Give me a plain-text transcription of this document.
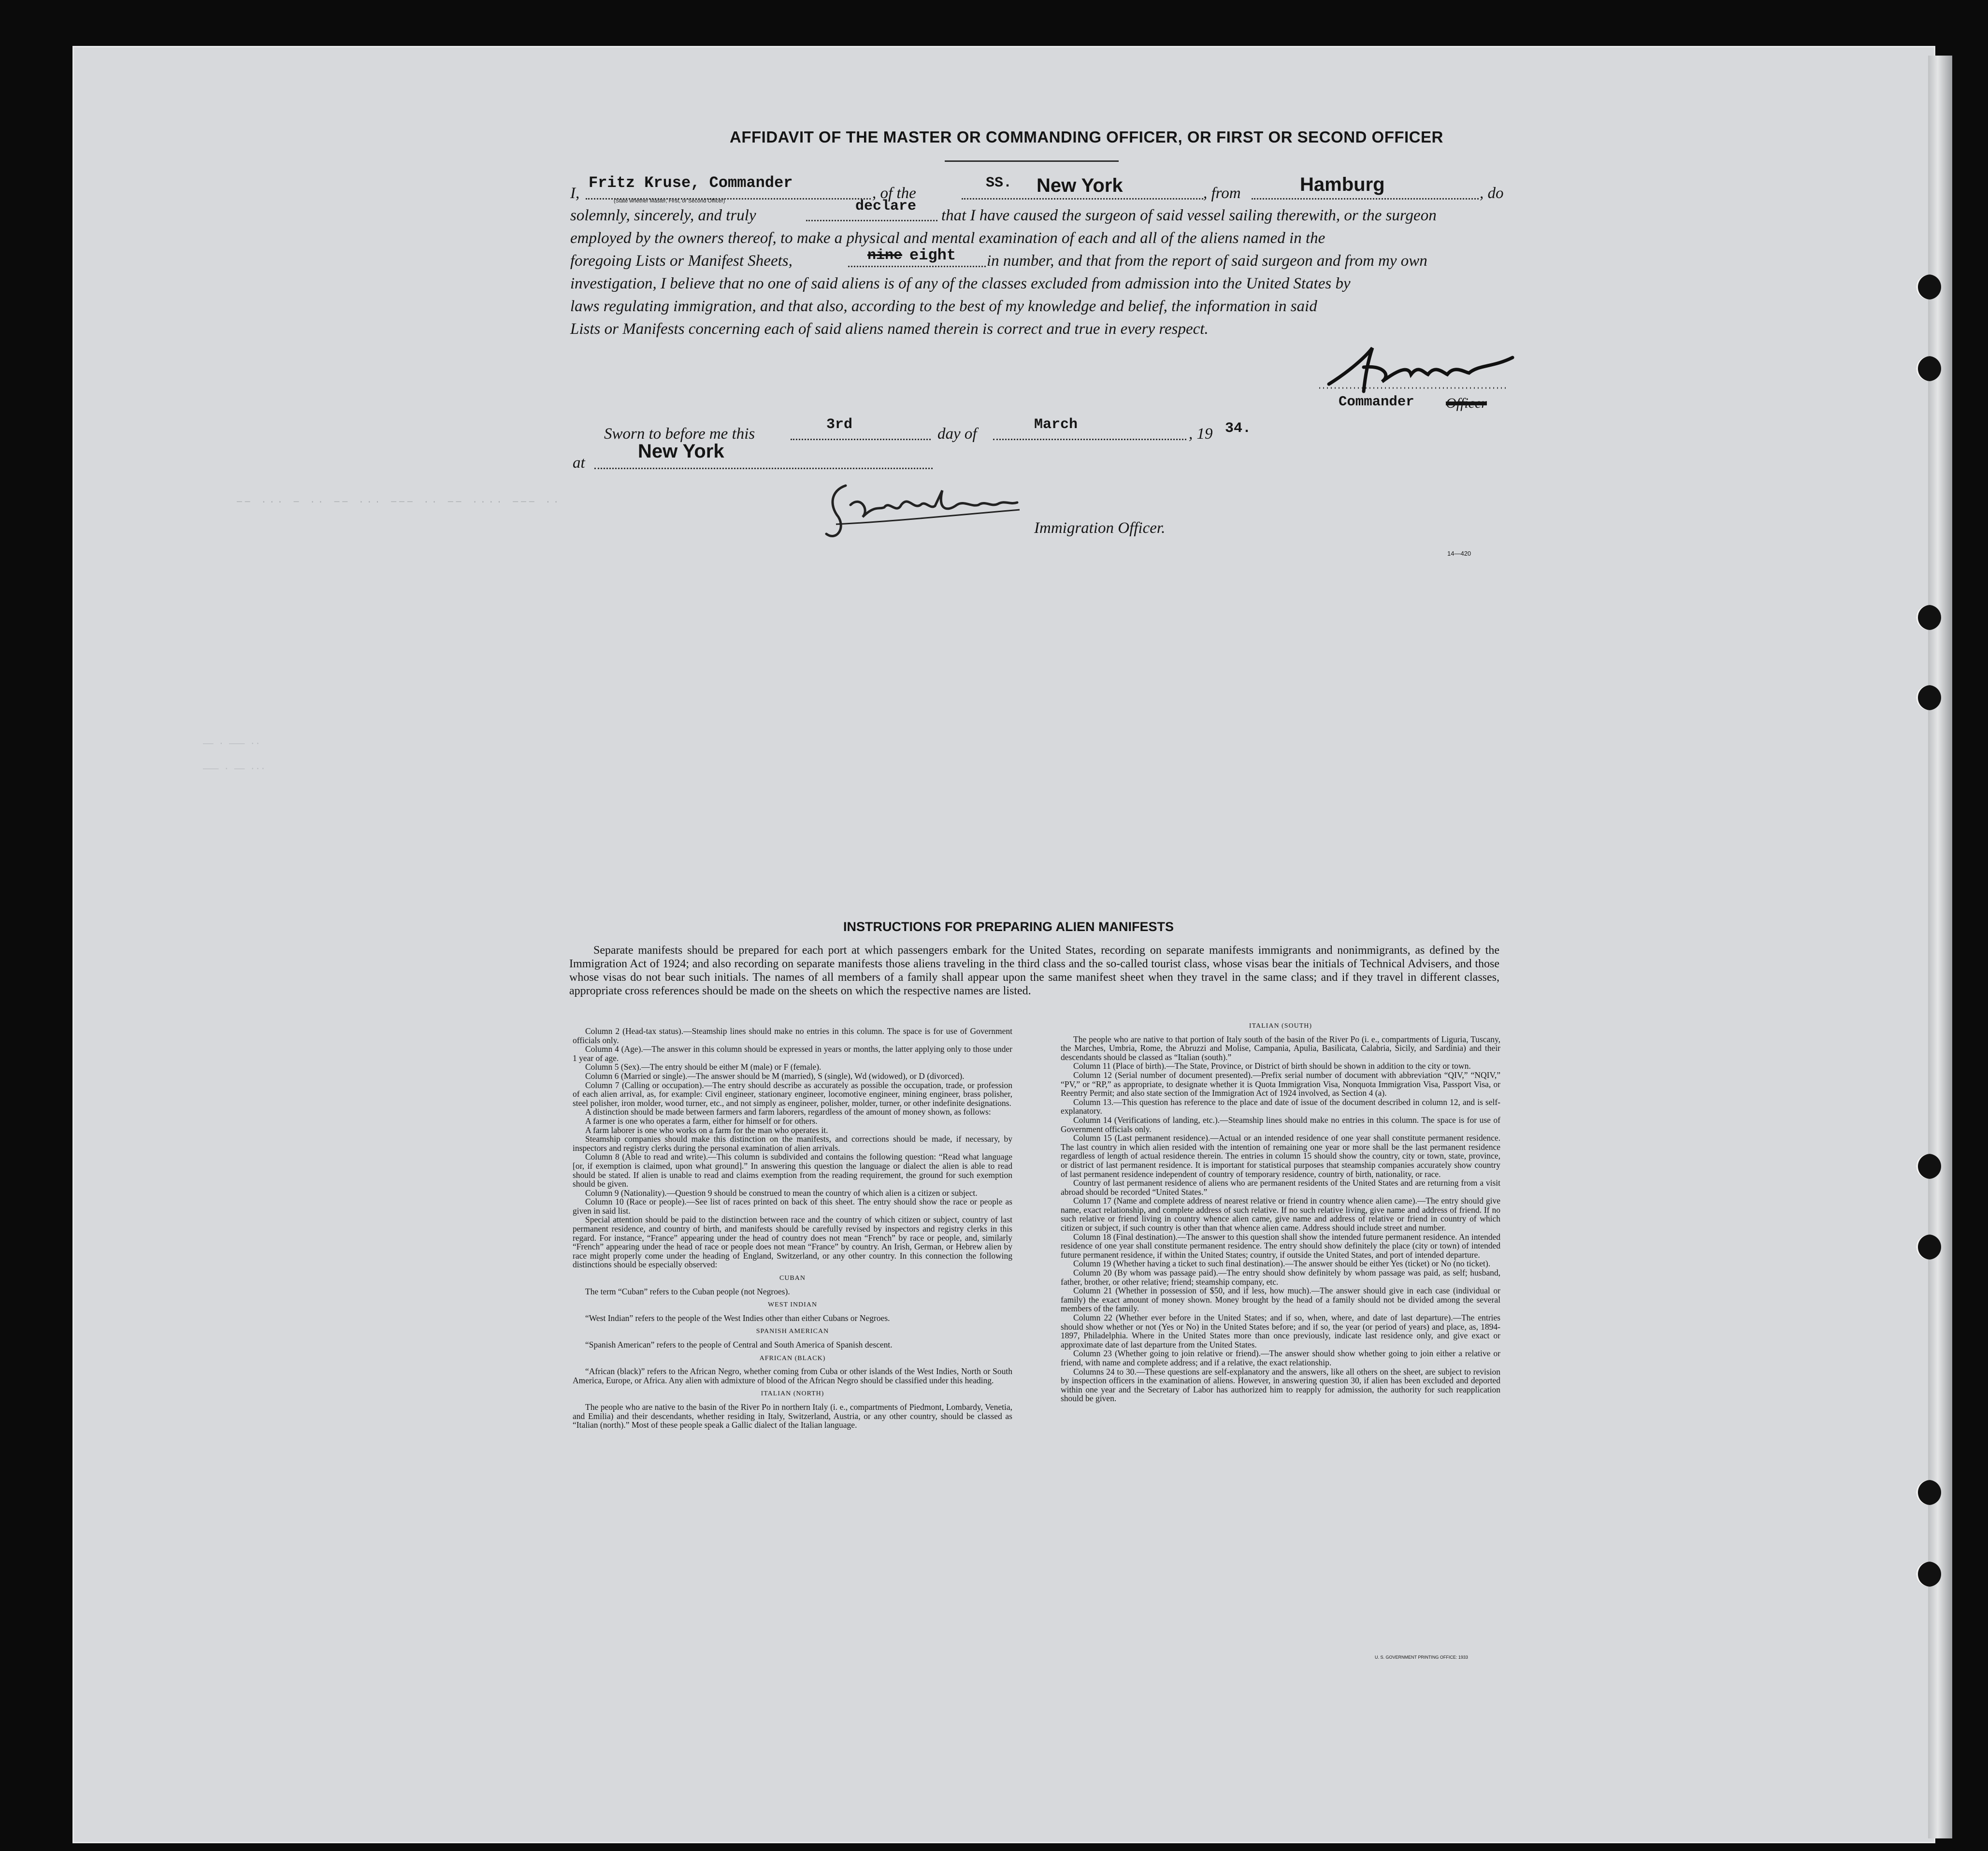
AFFIDAVIT OF THE MASTER OR COMMANDING OFFICER, OR FIRST OR SECOND OFFICER
I,
Fritz Kruse, Commander
(State whether Master, First, or Second Officer)	, of the
SS. New York	, from	Hamburg	, do
solemnly, sincerely, and truly
declare
that I have caused the surgeon of said vessel sailing therewith, or the surgeon
employed by the owners thereof, to make a physical and mental examination of each and all of the aliens named in the
foregoing Lists or Manifest Sheets,	nine eight in number, and that from the report of said surgeon and from my own
investigation, I believe that no one of said aliens is of any of the classes excluded from admission into the United States by
laws regulating immigration, and that also, according to the best of my knowledge and belief, the information in said
Lists or Manifests concerning each of said aliens named therein is correct and true in every respect.
Commander Officer
Sworn to before me this
3rd
day of
March
, 19 34.
at
New York
── ··· ─ ·· ── ··· ─── ·· ── ···· ─── ··
Immigration Officer.
14—420
—— · ——— ··
——— · —— ···
INSTRUCTIONS FOR PREPARING ALIEN MANIFESTS
Separate manifests should be prepared for each port at which passengers embark for the United States, recording on separate manifests immigrants and nonimmigrants, as defined by the Immigration Act of 1924; and also recording on separate manifests those aliens traveling in the third class and the so-called tourist class, whose visas bear the initials of Technical Advisers, and those whose visas do not bear such initials. The names of all members of a family shall appear upon the same manifest sheet when they travel in the same class; and if they travel in different classes, appropriate cross references should be made on the sheets on which the respective names are listed.

Column 2 (Head-tax status).—Steamship lines should make no entries in this column. The space is for use of Government officials only.

Column 4 (Age).—The answer in this column should be expressed in years or months, the latter applying only to those under 1 year of age.

Column 5 (Sex).—The entry should be either M (male) or F (female).

Column 6 (Married or single).—The answer should be M (married), S (single), Wd (widowed), or D (divorced).

Column 7 (Calling or occupation).—The entry should describe as accurately as possible the occupation, trade, or profession of each alien arrival, as, for example: Civil engineer, stationary engineer, locomotive engineer, mining engineer, brass polisher, steel polisher, iron molder, wood turner, etc., and not simply as engineer, polisher, molder, turner, or other indefinite designations.

A distinction should be made between farmers and farm laborers, regardless of the amount of money shown, as follows:

A farmer is one who operates a farm, either for himself or for others.

A farm laborer is one who works on a farm for the man who operates it.

Steamship companies should make this distinction on the manifests, and corrections should be made, if necessary, by inspectors and registry clerks during the personal examination of alien arrivals.

Column 8 (Able to read and write).—This column is subdivided and contains the following question: “Read what language [or, if exemption is claimed, upon what ground].” In answering this question the language or dialect the alien is able to read should be stated. If alien is unable to read and claims exemption from the reading requirement, the ground for such exemption should be given.

Column 9 (Nationality).—Question 9 should be construed to mean the country of which alien is a citizen or subject.

Column 10 (Race or people).—See list of races printed on back of this sheet. The entry should show the race or people as given in said list.

Special attention should be paid to the distinction between race and the country of which citizen or subject, country of last permanent residence, and country of birth, and manifests should be carefully revised by inspectors and registry clerks in this regard. For instance, “France” appearing under the head of country does not mean “French” by race or people, and, similarly “French” appearing under the head of race or people does not mean “France” by country. An Irish, German, or Hebrew alien by race might properly come under the heading of England, Switzerland, or any other country. In this connection the following distinctions should be especially observed:

CUBAN

The term “Cuban” refers to the Cuban people (not Negroes).

WEST INDIAN

“West Indian” refers to the people of the West Indies other than either Cubans or Negroes.

SPANISH AMERICAN

“Spanish American” refers to the people of Central and South America of Spanish descent.

AFRICAN (BLACK)

“African (black)” refers to the African Negro, whether coming from Cuba or other islands of the West Indies, North or South America, Europe, or Africa. Any alien with admixture of blood of the African Negro should be classified under this heading.

ITALIAN (NORTH)

The people who are native to the basin of the River Po in northern Italy (i. e., compartments of Piedmont, Lombardy, Venetia, and Emilia) and their descendants, whether residing in Italy, Switzerland, Austria, or any other country, should be classed as “Italian (north).” Most of these people speak a Gallic dialect of the Italian language.

ITALIAN (SOUTH)

The people who are native to that portion of Italy south of the basin of the River Po (i. e., compartments of Liguria, Tuscany, the Marches, Umbria, Rome, the Abruzzi and Molise, Campania, Apulia, Basilicata, Calabria, Sicily, and Sardinia) and their descendants should be classed as “Italian (south).”

Column 11 (Place of birth).—The State, Province, or District of birth should be shown in addition to the city or town.

Column 12 (Serial number of document presented).—Prefix serial number of document with abbreviation “QIV,” “NQIV,” “PV,” or “RP,” as appropriate, to designate whether it is Quota Immigration Visa, Nonquota Immigration Visa, Passport Visa, or Reentry Permit; and also state section of the Immigration Act of 1924 involved, as Section 4 (a).

Column 13.—This question has reference to the place and date of issue of the document described in column 12, and is self-explanatory.

Column 14 (Verifications of landing, etc.).—Steamship lines should make no entries in this column. The space is for use of Government officials only.

Column 15 (Last permanent residence).—Actual or an intended residence of one year shall constitute permanent residence. The last country in which alien resided with the intention of remaining one year or more shall be the last permanent residence regardless of length of actual residence therein. The entries in column 15 should show the country, city or town, state, province, or district of last permanent residence. It is important for statistical purposes that steamship companies accurately show country of last permanent residence independent of country of temporary residence, country of birth, nationality, or race.

Country of last permanent residence of aliens who are permanent residents of the United States and are returning from a visit abroad should be recorded “United States.”

Column 17 (Name and complete address of nearest relative or friend in country whence alien came).—The entry should give name, exact relationship, and complete address of such relative. If no such relative living, give name and address of friend. If no such relative or friend living in country whence alien came, give name and address of relative or friend in country of which citizen or subject, if such country is other than that whence alien came. Address should include street and number.

Column 18 (Final destination).—The answer to this question shall show the intended future permanent residence. An intended residence of one year shall constitute permanent residence. The entry should show definitely the place (city or town) of intended future permanent residence, if within the United States; country, if outside the United States, and port of intended departure.

Column 19 (Whether having a ticket to such final destination).—The answer should be either Yes (ticket) or No (no ticket).

Column 20 (By whom was passage paid).—The entry should show definitely by whom passage was paid, as self; husband, father, brother, or other relative; friend; steamship company, etc.

Column 21 (Whether in possession of $50, and if less, how much).—The answer should give in each case (individual or family) the exact amount of money shown. Money brought by the head of a family should not be divided among the several members of the family.

Column 22 (Whether ever before in the United States; and if so, when, where, and date of last departure).—The entries should show whether or not (Yes or No) in the United States before; and if so, the year (or period of years) and place, as, 1894-1897, Philadelphia. Where in the United States more than once previously, indicate last residence only, and give exact or approximate date of last departure from the United States.

Column 23 (Whether going to join relative or friend).—The answer should show whether going to join either a relative or friend, with name and complete address; and if a relative, the exact relationship.

Columns 24 to 30.—These questions are self-explanatory and the answers, like all others on the sheet, are subject to revision by inspection officers in the examination of aliens. However, in answering question 30, if alien has been excluded and deported within one year and the Secretary of Labor has authorized him to reapply for admission, the authority for such reapplication should be given.

U. S. GOVERNMENT PRINTING OFFICE: 1933
